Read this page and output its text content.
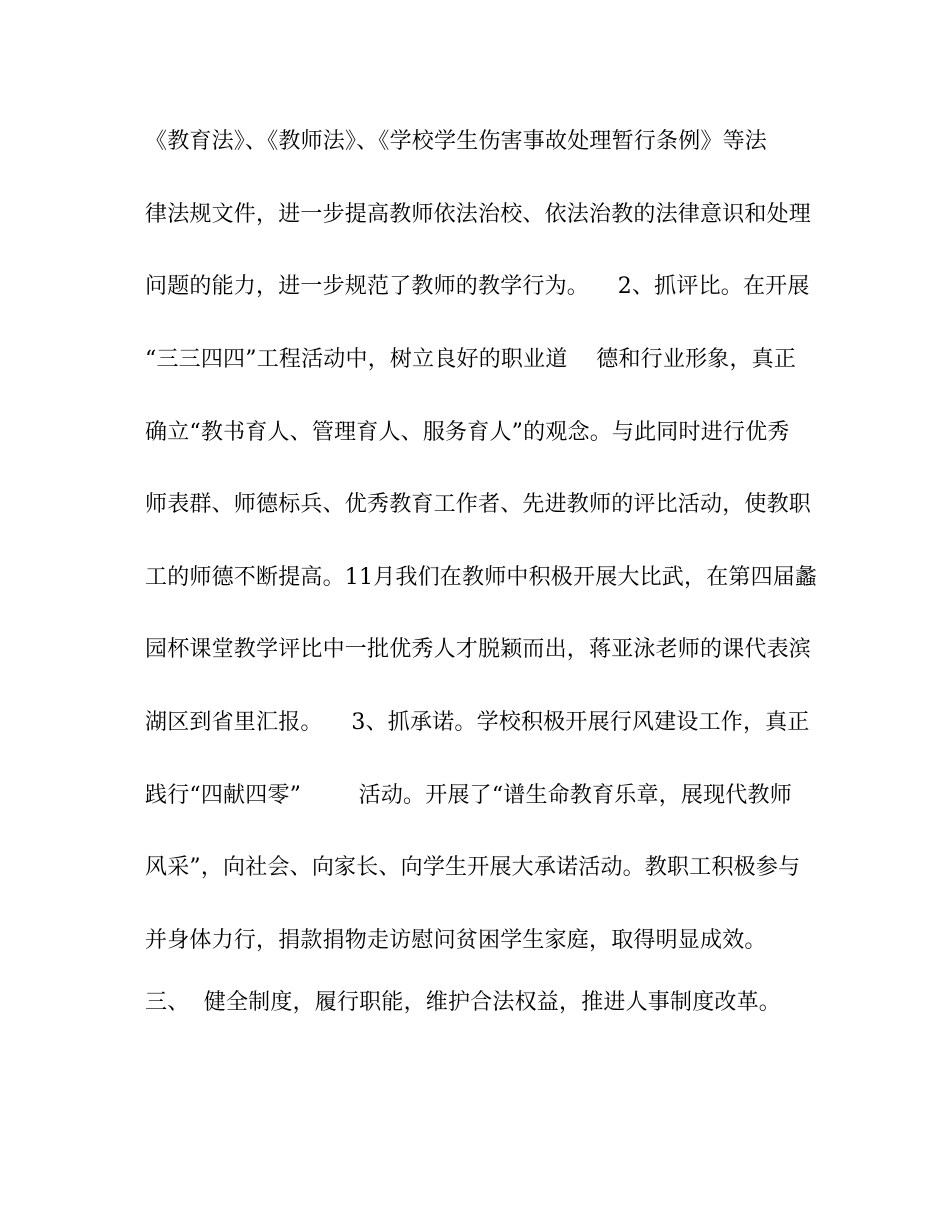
《教育法》、《教师法》、《学校学生伤害事故处理暂行条例》等法
律法规文件，进一步提高教师依法治校、依法治教的法律意识和处理
问题的能力，进一步规范了教师的教学行为。    2、抓评比。在开展
“三三四四”工程活动中，树立良好的职业道    德和行业形象，真正
确立“教书育人、管理育人、服务育人”的观念。与此同时进行优秀
师表群、师德标兵、优秀教育工作者、先进教师的评比活动，使教职
工的师德不断提高。11月我们在教师中积极开展大比武，在第四届蠡
园杯课堂教学评比中一批优秀人才脱颖而出，蒋亚泳老师的课代表滨
湖区到省里汇报。    3、抓承诺。学校积极开展行风建设工作，真正
践行“四献四零”        活动。开展了“谱生命教育乐章，展现代教师
风采”，向社会、向家长、向学生开展大承诺活动。教职工积极参与
并身体力行，捐款捐物走访慰问贫困学生家庭，取得明显成效。
三、  健全制度，履行职能，维护合法权益，推进人事制度改革。
